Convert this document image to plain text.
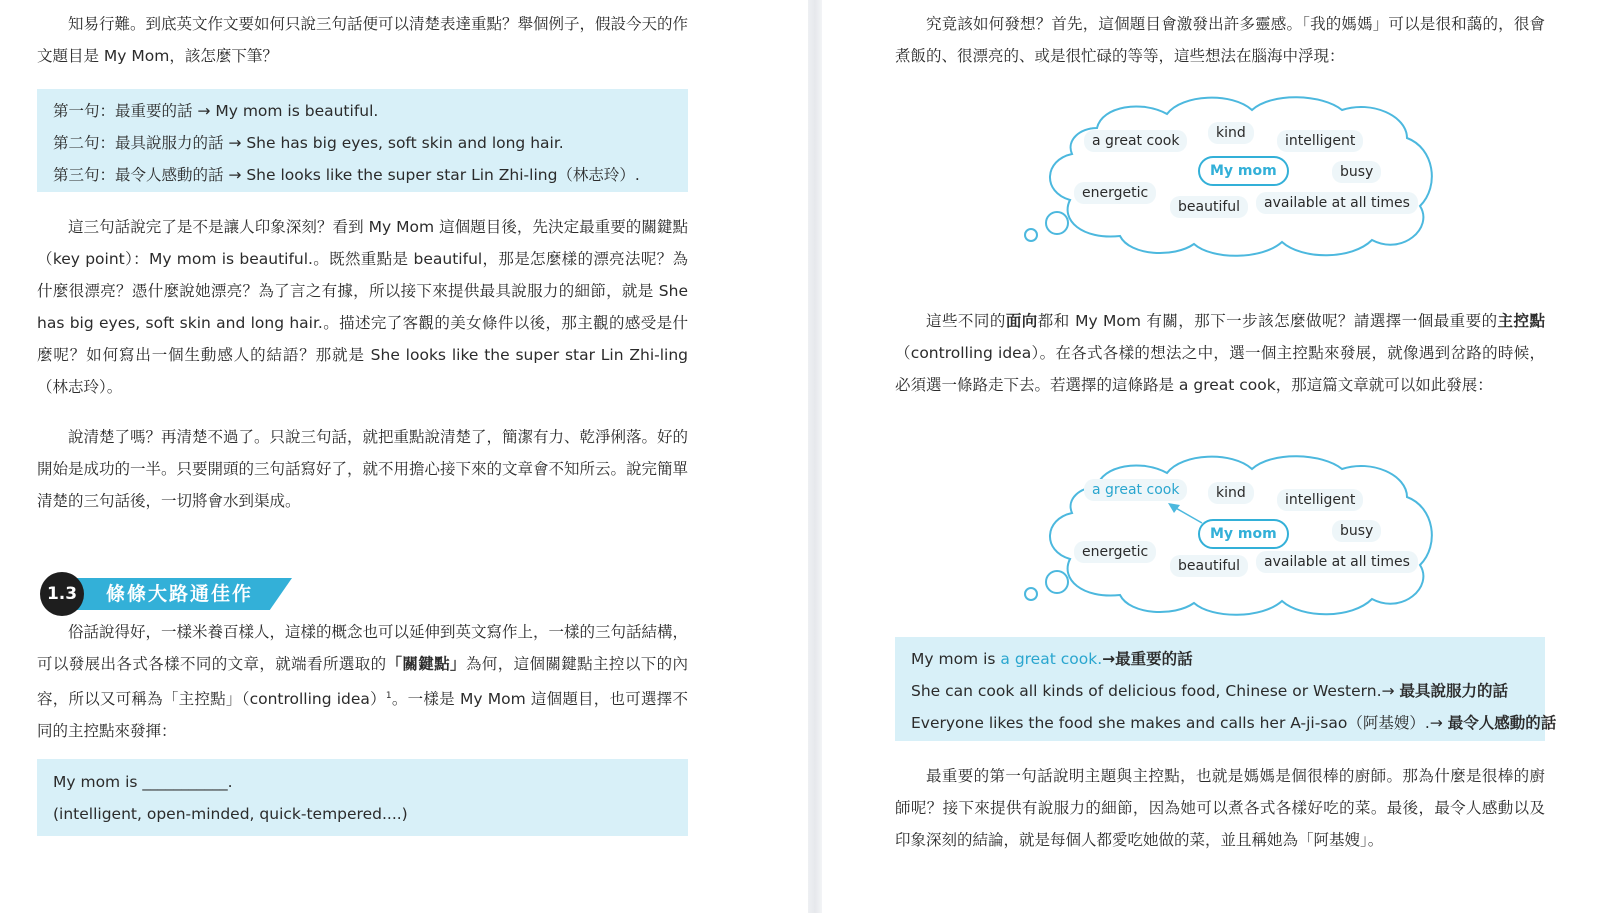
知易行難。到底英文作文要如何只說三句話便可以清楚表達重點？舉個例子，假設今天的作文題目是 My Mom，該怎麼下筆？

第一句：最重要的話 → My mom is beautiful.
第二句：最具說服力的話 → She has big eyes, soft skin and long hair.
第三句：最令人感動的話 → She looks like the super star Lin Zhi-ling（林志玲）.

這三句話說完了是不是讓人印象深刻？看到 My Mom 這個題目後，先決定最重要的關鍵點（key point）：My mom is beautiful.。既然重點是 beautiful，那是怎麼樣的漂亮法呢？為什麼很漂亮？憑什麼說她漂亮？為了言之有據，所以接下來提供最具說服力的細節，就是 She has big eyes, soft skin and long hair.。描述完了客觀的美女條件以後，那主觀的感受是什麼呢？如何寫出一個生動感人的結語？那就是 She looks like the super star Lin Zhi-ling（林志玲）。

說清楚了嗎？再清楚不過了。只說三句話，就把重點說清楚了，簡潔有力、乾淨俐落。好的開始是成功的一半。只要開頭的三句話寫好了，就不用擔心接下來的文章會不知所云。說完簡單清楚的三句話後，一切將會水到渠成。

條條大路通佳作
1.3

俗話說得好，一樣米養百樣人，這樣的概念也可以延伸到英文寫作上，一樣的三句話結構，可以發展出各式各樣不同的文章，就端看所選取的「關鍵點」為何，這個關鍵點主控以下的內容，所以又可稱為「主控點」（controlling idea）$^1$。一樣是 My Mom 這個題目，也可選擇不同的主控點來發揮：

My mom is ___________.
(intelligent, open-minded, quick-tempered....)

究竟該如何發想？首先，這個題目會激發出許多靈感。「我的媽媽」可以是很和藹的，很會煮飯的、很漂亮的、或是很忙碌的等等，這些想法在腦海中浮現：

a great cook	kind	intelligent
busy
energetic
beautiful	available at all times
My mom

這些不同的面向都和 My Mom 有關，那下一步該怎麼做呢？請選擇一個最重要的主控點（controlling idea）。在各式各樣的想法之中，選一個主控點來發展，就像遇到岔路的時候，必須選一條路走下去。若選擇的這條路是 a great cook，那這篇文章就可以如此發展：

a great cook	kind	intelligent
busy
energetic
beautiful	available at all times
My mom
My mom is a great cook.→最重要的話
She can cook all kinds of delicious food, Chinese or Western.→ 最具說服力的話
Everyone likes the food she makes and calls her A-ji-sao（阿基嫂）.→ 最令人感動的話

最重要的第一句話說明主題與主控點，也就是媽媽是個很棒的廚師。那為什麼是很棒的廚師呢？接下來提供有說服力的細節，因為她可以煮各式各樣好吃的菜。最後，最令人感動以及印象深刻的結論，就是每個人都愛吃她做的菜，並且稱她為「阿基嫂」。
